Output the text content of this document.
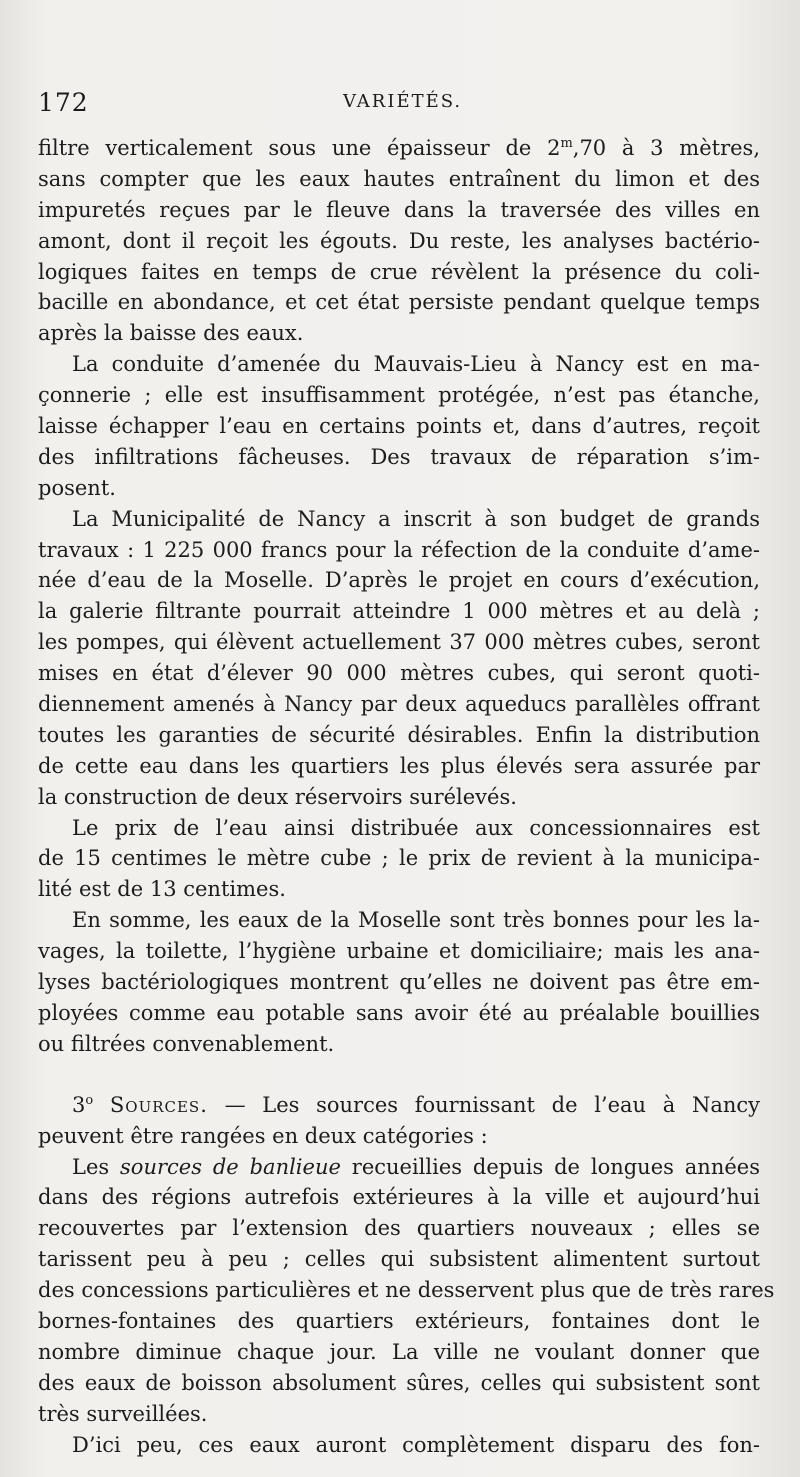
172	VARIÉTÉS.
filtre verticalement sous une épaisseur de 2$^m$,70 à 3 mètres,
sans compter que les eaux hautes entraînent du limon et des
impuretés reçues par le fleuve dans la traversée des villes en
amont, dont il reçoit les égouts. Du reste, les analyses bactério-
logiques faites en temps de crue révèlent la présence du coli-
bacille en abondance, et cet état persiste pendant quelque temps
après la baisse des eaux.
La conduite d’amenée du Mauvais-Lieu à Nancy est en ma-
çonnerie ; elle est insuffisamment protégée, n’est pas étanche,
laisse échapper l’eau en certains points et, dans d’autres, reçoit
des infiltrations fâcheuses. Des travaux de réparation s’im-
posent.
La Municipalité de Nancy a inscrit à son budget de grands
travaux : 1 225 000 francs pour la réfection de la conduite d’ame-
née d’eau de la Moselle. D’après le projet en cours d’exécution,
la galerie filtrante pourrait atteindre 1 000 mètres et au delà ;
les pompes, qui élèvent actuellement 37 000 mètres cubes, seront
mises en état d’élever 90 000 mètres cubes, qui seront quoti-
diennement amenés à Nancy par deux aqueducs parallèles offrant
toutes les garanties de sécurité désirables. Enfin la distribution
de cette eau dans les quartiers les plus élevés sera assurée par
la construction de deux réservoirs surélevés.
Le prix de l’eau ainsi distribuée aux concessionnaires est
de 15 centimes le mètre cube ; le prix de revient à la municipa-
lité est de 13 centimes.
En somme, les eaux de la Moselle sont très bonnes pour les la-
vages, la toilette, l’hygiène urbaine et domiciliaire; mais les ana-
lyses bactériologiques montrent qu’elles ne doivent pas être em-
ployées comme eau potable sans avoir été au préalable bouillies
ou filtrées convenablement.
3$^o$ Sources. — Les sources fournissant de l’eau à Nancy
peuvent être rangées en deux catégories :
Les sources de banlieue recueillies depuis de longues années
dans des régions autrefois extérieures à la ville et aujourd’hui
recouvertes par l’extension des quartiers nouveaux ; elles se
tarissent peu à peu ; celles qui subsistent alimentent surtout
des concessions particulières et ne desservent plus que de très rares
bornes-fontaines des quartiers extérieurs, fontaines dont le
nombre diminue chaque jour. La ville ne voulant donner que
des eaux de boisson absolument sûres, celles qui subsistent sont
très surveillées.
D’ici peu, ces eaux auront complètement disparu des fon-
